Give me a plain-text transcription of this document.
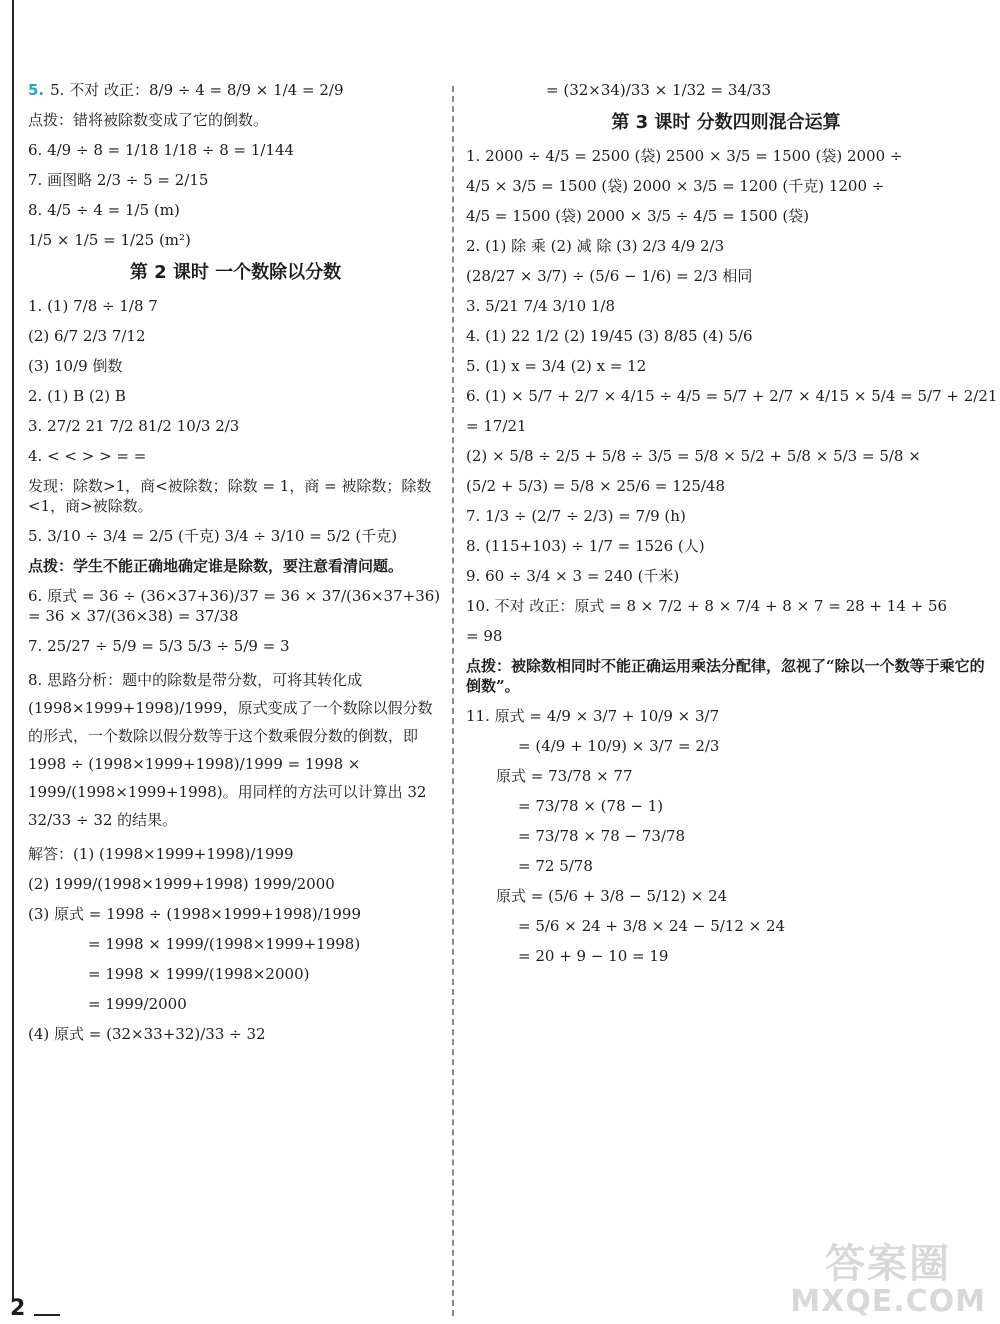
5. 5. 不对 改正：8/9 ÷ 4 = 8/9 × 1/4 = 2/9

点拨：错将被除数变成了它的倒数。

6. 4/9 ÷ 8 = 1/18 1/18 ÷ 8 = 1/144

7. 画图略 2/3 ÷ 5 = 2/15

8. 4/5 ÷ 4 = 1/5 (m)

1/5 × 1/5 = 1/25 (m²)

第 2 课时 一个数除以分数

1. (1) 7/8 ÷ 1/8 7

(2) 6/7 2/3 7/12

(3) 10/9 倒数

2. (1) B (2) B

3. 27/2 21 7/2 81/2 10/3 2/3

4. < < > > = =

发现：除数>1，商<被除数；除数 = 1，商 = 被除数；除数<1，商>被除数。

5. 3/10 ÷ 3/4 = 2/5 (千克) 3/4 ÷ 3/10 = 5/2 (千克)

点拨：学生不能正确地确定谁是除数，要注意看清问题。

6. 原式 = 36 ÷ (36×37+36)/37 = 36 × 37/(36×37+36) = 36 × 37/(36×38) = 37/38

7. 25/27 ÷ 5/9 = 5/3 5/3 ÷ 5/9 = 3

8. 思路分析：题中的除数是带分数，可将其转化成 (1998×1999+1998)/1999，原式变成了一个数除以假分数的形式，一个数除以假分数等于这个数乘假分数的倒数，即 1998 ÷ (1998×1999+1998)/1999 = 1998 × 1999/(1998×1999+1998)。用同样的方法可以计算出 32 32/33 ÷ 32 的结果。

解答：(1) (1998×1999+1998)/1999

(2) 1999/(1998×1999+1998) 1999/2000

(3) 原式 = 1998 ÷ (1998×1999+1998)/1999

= 1998 × 1999/(1998×1999+1998)

= 1998 × 1999/(1998×2000)

= 1999/2000

(4) 原式 = (32×33+32)/33 ÷ 32

= (32×34)/33 × 1/32 = 34/33

第 3 课时 分数四则混合运算

1. 2000 ÷ 4/5 = 2500 (袋) 2500 × 3/5 = 1500 (袋) 2000 ÷

4/5 × 3/5 = 1500 (袋) 2000 × 3/5 = 1200 (千克) 1200 ÷

4/5 = 1500 (袋) 2000 × 3/5 ÷ 4/5 = 1500 (袋)

2. (1) 除 乘 (2) 减 除 (3) 2/3 4/9 2/3

(28/27 × 3/7) ÷ (5/6 − 1/6) = 2/3 相同

3. 5/21 7/4 3/10 1/8

4. (1) 22 1/2 (2) 19/45 (3) 8/85 (4) 5/6

5. (1) x = 3/4 (2) x = 12

6. (1) × 5/7 + 2/7 × 4/15 ÷ 4/5 = 5/7 + 2/7 × 4/15 × 5/4 = 5/7 + 2/21

= 17/21

(2) × 5/8 ÷ 2/5 + 5/8 ÷ 3/5 = 5/8 × 5/2 + 5/8 × 5/3 = 5/8 ×

(5/2 + 5/3) = 5/8 × 25/6 = 125/48

7. 1/3 ÷ (2/7 ÷ 2/3) = 7/9 (h)

8. (115+103) ÷ 1/7 = 1526 (人)

9. 60 ÷ 3/4 × 3 = 240 (千米)

10. 不对 改正：原式 = 8 × 7/2 + 8 × 7/4 + 8 × 7 = 28 + 14 + 56

= 98

点拨：被除数相同时不能正确运用乘法分配律，忽视了“除以一个数等于乘它的倒数”。

11. 原式 = 4/9 × 3/7 + 10/9 × 3/7

= (4/9 + 10/9) × 3/7 = 2/3

原式 = 73/78 × 77

= 73/78 × (78 − 1)

= 73/78 × 78 − 73/78

= 72 5/78

原式 = (5/6 + 3/8 − 5/12) × 24

= 5/6 × 24 + 3/8 × 24 − 5/12 × 24

= 20 + 9 − 10 = 19

2
答案圈
MXQE.COM
